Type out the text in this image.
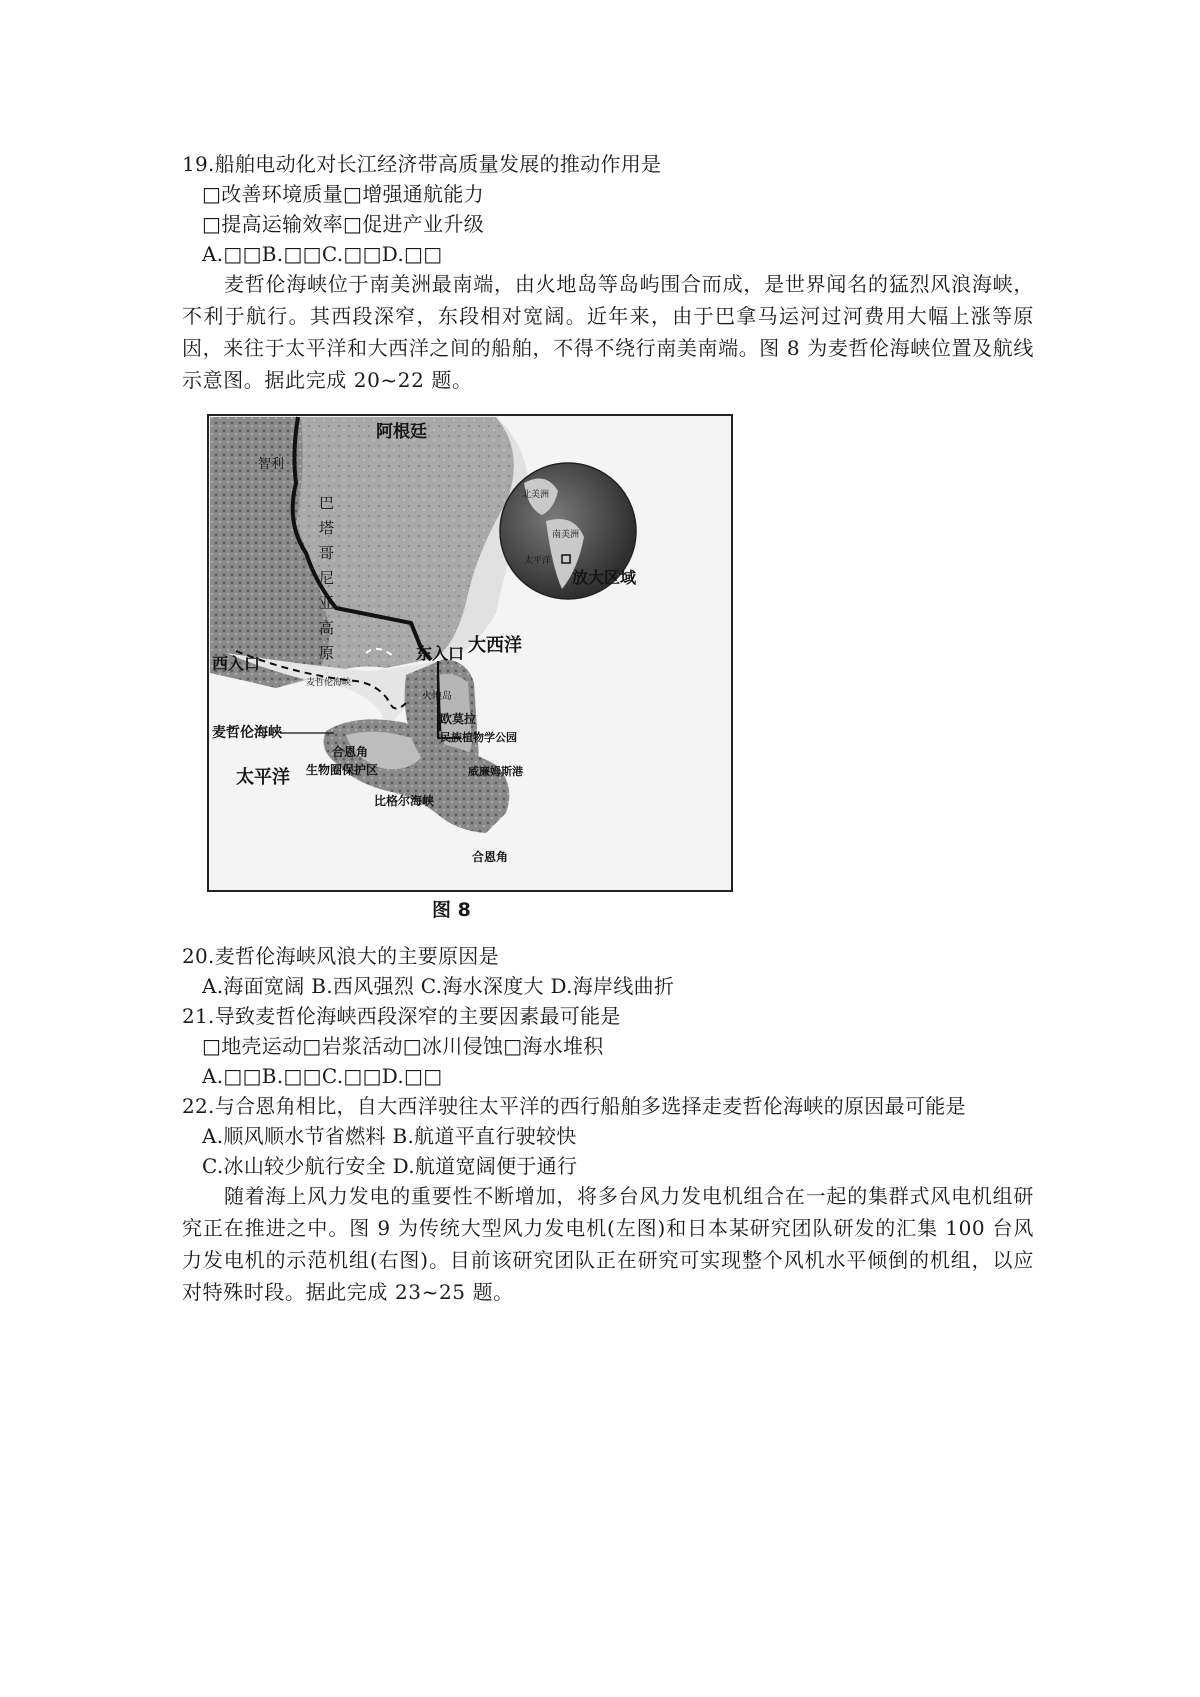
19.船舶电动化对长江经济带高质量发展的推动作用是
□改善环境质量□增强通航能力
□提高运输效率□促进产业升级
A.□□B.□□C.□□D.□□
麦哲伦海峡位于南美洲最南端，由火地岛等岛屿围合而成，是世界闻名的猛烈风浪海峡，不利于航行。其西段深窄，东段相对宽阔。近年来，由于巴拿马运河过河费用大幅上涨等原因，来往于太平洋和大西洋之间的船舶，不得不绕行南美南端。图 8 为麦哲伦海峡位置及航线示意图。据此完成 20~22 题。
阿根廷
智利
巴塔哥尼亚高原
西入口
东入口 大西洋
太平洋
麦哲伦海峡
麦哲伦海峡
火地岛
欧莫拉
民族植物学公园
合恩角
生物圈保护区	威廉姆斯港
比格尔海峡
合恩角
北美洲
南美洲
太平洋
放大区域
图 8
20.麦哲伦海峡风浪大的主要原因是
A.海面宽阔 B.西风强烈 C.海水深度大 D.海岸线曲折
21.导致麦哲伦海峡西段深窄的主要因素最可能是
□地壳运动□岩浆活动□冰川侵蚀□海水堆积
A.□□B.□□C.□□D.□□
22.与合恩角相比，自大西洋驶往太平洋的西行船舶多选择走麦哲伦海峡的原因最可能是
A.顺风顺水节省燃料 B.航道平直行驶较快
C.冰山较少航行安全 D.航道宽阔便于通行
随着海上风力发电的重要性不断增加，将多台风力发电机组合在一起的集群式风电机组研究正在推进之中。图 9 为传统大型风力发电机(左图)和日本某研究团队研发的汇集 100 台风力发电机的示范机组(右图)。目前该研究团队正在研究可实现整个风机水平倾倒的机组，以应对特殊时段。据此完成 23~25 题。
